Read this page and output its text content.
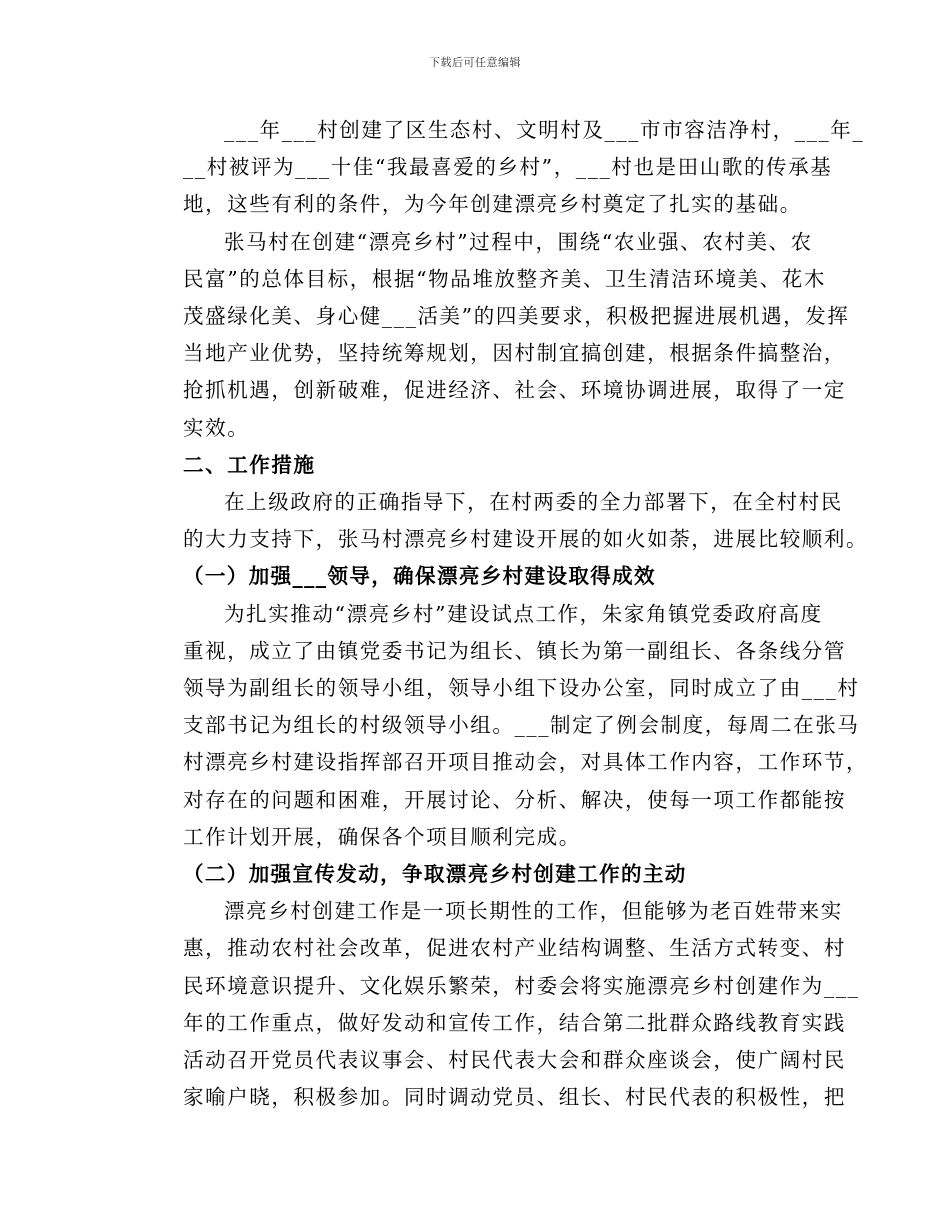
下载后可任意编辑
___年___村创建了区生态村、文明村及___市市容洁净村，___年_
__村被评为___十佳“我最喜爱的乡村”，___村也是田山歌的传承基
地，这些有利的条件，为今年创建漂亮乡村奠定了扎实的基础。
张马村在创建“漂亮乡村”过程中，围绕“农业强、农村美、农
民富”的总体目标，根据“物品堆放整齐美、卫生清洁环境美、花木
茂盛绿化美、身心健___活美”的四美要求，积极把握进展机遇，发挥
当地产业优势，坚持统筹规划，因村制宜搞创建，根据条件搞整治，
抢抓机遇，创新破难，促进经济、社会、环境协调进展，取得了一定
实效。
二、工作措施
在上级政府的正确指导下，在村两委的全力部署下，在全村村民
的大力支持下，张马村漂亮乡村建设开展的如火如荼，进展比较顺利。
（一）加强___领导，确保漂亮乡村建设取得成效
为扎实推动“漂亮乡村”建设试点工作，朱家角镇党委政府高度
重视，成立了由镇党委书记为组长、镇长为第一副组长、各条线分管
领导为副组长的领导小组，领导小组下设办公室，同时成立了由___村
支部书记为组长的村级领导小组。___制定了例会制度，每周二在张马
村漂亮乡村建设指挥部召开项目推动会，对具体工作内容，工作环节，
对存在的问题和困难，开展讨论、分析、解决，使每一项工作都能按
工作计划开展，确保各个项目顺利完成。
（二）加强宣传发动，争取漂亮乡村创建工作的主动
漂亮乡村创建工作是一项长期性的工作，但能够为老百姓带来实
惠，推动农村社会改革，促进农村产业结构调整、生活方式转变、村
民环境意识提升、文化娱乐繁荣，村委会将实施漂亮乡村创建作为___
年的工作重点，做好发动和宣传工作，结合第二批群众路线教育实践
活动召开党员代表议事会、村民代表大会和群众座谈会，使广阔村民
家喻户晓，积极参加。同时调动党员、组长、村民代表的积极性，把
